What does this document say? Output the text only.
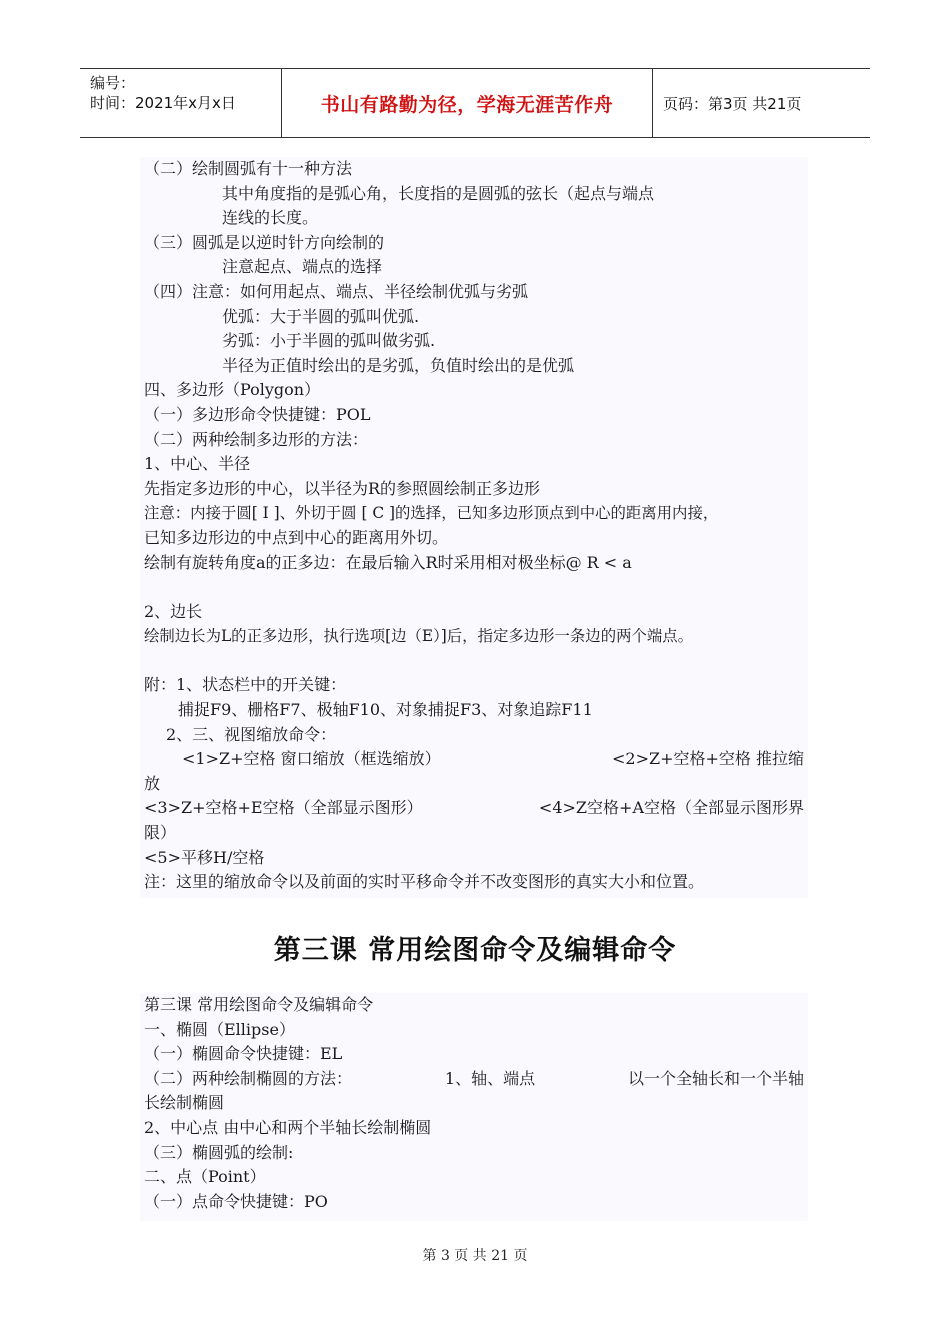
编号：
时间：2021年x月x日	书山有路勤为径，学海无涯苦作舟	页码：第3页 共21页
（二）绘制圆弧有十一种方法
其中角度指的是弧心角，长度指的是圆弧的弦长（起点与端点
连线的长度。
（三）圆弧是以逆时针方向绘制的
注意起点、端点的选择
（四）注意：如何用起点、端点、半径绘制优弧与劣弧
优弧：大于半圆的弧叫优弧.
劣弧：小于半圆的弧叫做劣弧.
半径为正值时绘出的是劣弧，负值时绘出的是优弧
四、多边形（Polygon）
（一）多边形命令快捷键：POL
（二）两种绘制多边形的方法：
1、中心、半径
先指定多边形的中心，以半径为R的参照圆绘制正多边形
注意：内接于圆[ I ]、外切于圆 [ C ]的选择，已知多边形顶点到中心的距离用内接，
已知多边形边的中点到中心的距离用外切。
绘制有旋转角度a的正多边：在最后输入R时采用相对极坐标@ R < a
2、边长
绘制边长为L的正多边形，执行选项[边（E）]后，指定多边形一条边的两个端点。
附：1、状态栏中的开关键：
捕捉F9、栅格F7、极轴F10、对象捕捉F3、对象追踪F11
2、三、视图缩放命令：
<1>Z+空格 窗口缩放（框选缩放）	<2>Z+空格+空格 推拉缩
放
<3>Z+空格+E空格（全部显示图形）	<4>Z空格+A空格（全部显示图形界
限）
<5>平移H/空格
注：这里的缩放命令以及前面的实时平移命令并不改变图形的真实大小和位置。
第三课 常用绘图命令及编辑命令
第三课 常用绘图命令及编辑命令
一、椭圆（Ellipse）
（一）椭圆命令快捷键：EL
（二）两种绘制椭圆的方法：	1、轴、端点	以一个全轴长和一个半轴
长绘制椭圆
2、中心点 由中心和两个半轴长绘制椭圆
（三）椭圆弧的绘制:
二、点（Point）
（一）点命令快捷键：PO
第 3 页 共 21 页
